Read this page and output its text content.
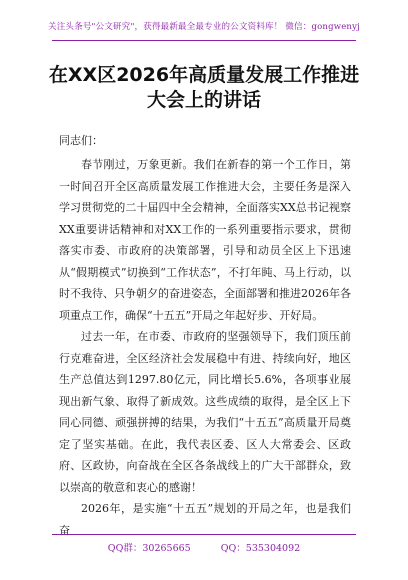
关注头条号"公文研究"，获得最新最全最专业的公文资料库！ 微信：gongwenyj
在XX区2026年高质量发展工作推进大会上的讲话

同志们：

春节刚过，万象更新。我们在新春的第一个工作日，第一时间召开全区高质量发展工作推进大会，主要任务是深入学习贯彻党的二十届四中全会精神，全面落实XX总书记视察XX重要讲话精神和对XX工作的一系列重要指示要求，贯彻落实市委、市政府的决策部署，引导和动员全区上下迅速从“假期模式”切换到“工作状态”，不打年盹、马上行动，以时不我待、只争朝夕的奋进姿态，全面部署和推进2026年各项重点工作，确保“十五五”开局之年起好步、开好局。

过去一年，在市委、市政府的坚强领导下，我们顶压前行克难奋进，全区经济社会发展稳中有进、持续向好，地区生产总值达到1297.80亿元，同比增长5.6%，各项事业展现出新气象、取得了新成效。这些成绩的取得，是全区上下同心同德、顽强拼搏的结果，为我们“十五五”高质量开局奠定了坚实基础。在此，我代表区委、区人大常委会、区政府、区政协，向奋战在全区各条战线上的广大干部群众，致以崇高的敬意和衷心的感谢！

2026年，是实施“十五五”规划的开局之年，也是我们奋

QQ群：30265665	QQ：535304092
